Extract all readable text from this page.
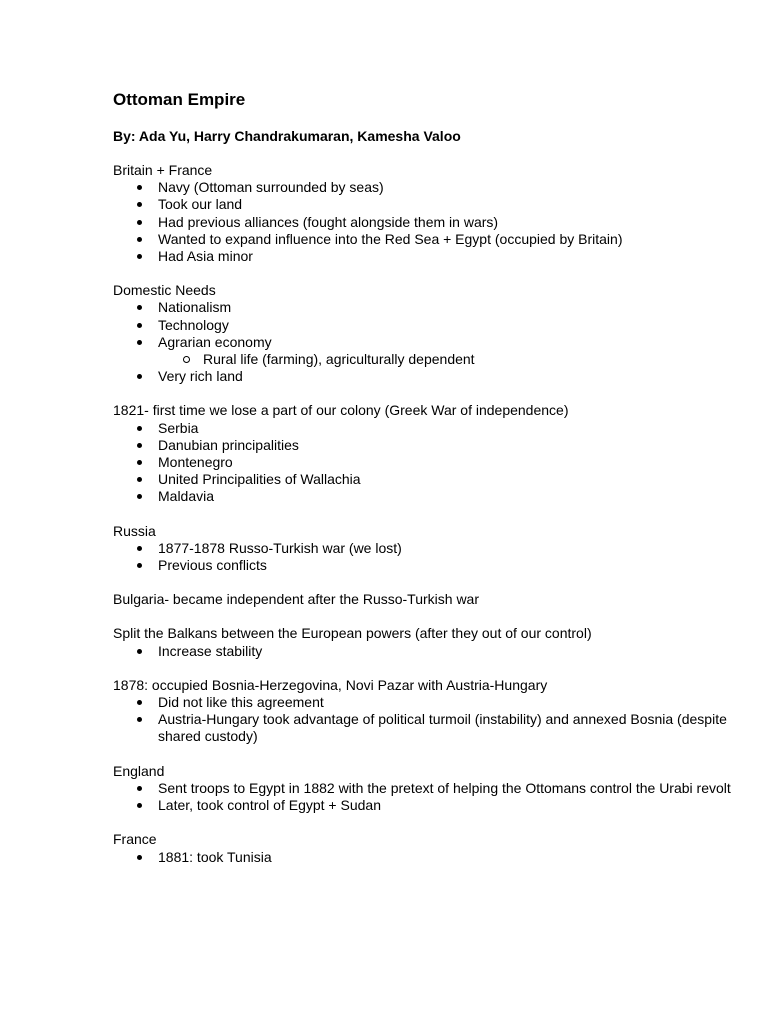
Ottoman Empire

By: Ada Yu, Harry Chandrakumaran, Kamesha Valoo

Britain + France

Navy (Ottoman surrounded by seas)
Took our land
Had previous alliances (fought alongside them in wars)
Wanted to expand influence into the Red Sea + Egypt (occupied by Britain)
Had Asia minor

Domestic Needs

Nationalism
Technology
Agrarian economy
Rural life (farming), agriculturally dependent
Very rich land

1821- first time we lose a part of our colony (Greek War of independence)

Serbia
Danubian principalities
Montenegro
United Principalities of Wallachia
Maldavia

Russia

1877-1878 Russo-Turkish war (we lost)
Previous conflicts

Bulgaria- became independent after the Russo-Turkish war

Split the Balkans between the European powers (after they out of our control)

Increase stability

1878: occupied Bosnia-Herzegovina, Novi Pazar with Austria-Hungary

Did not like this agreement
Austria-Hungary took advantage of political turmoil (instability) and annexed Bosnia (despite shared custody)

England

Sent troops to Egypt in 1882 with the pretext of helping the Ottomans control the Urabi revolt
Later, took control of Egypt + Sudan

France

1881: took Tunisia
